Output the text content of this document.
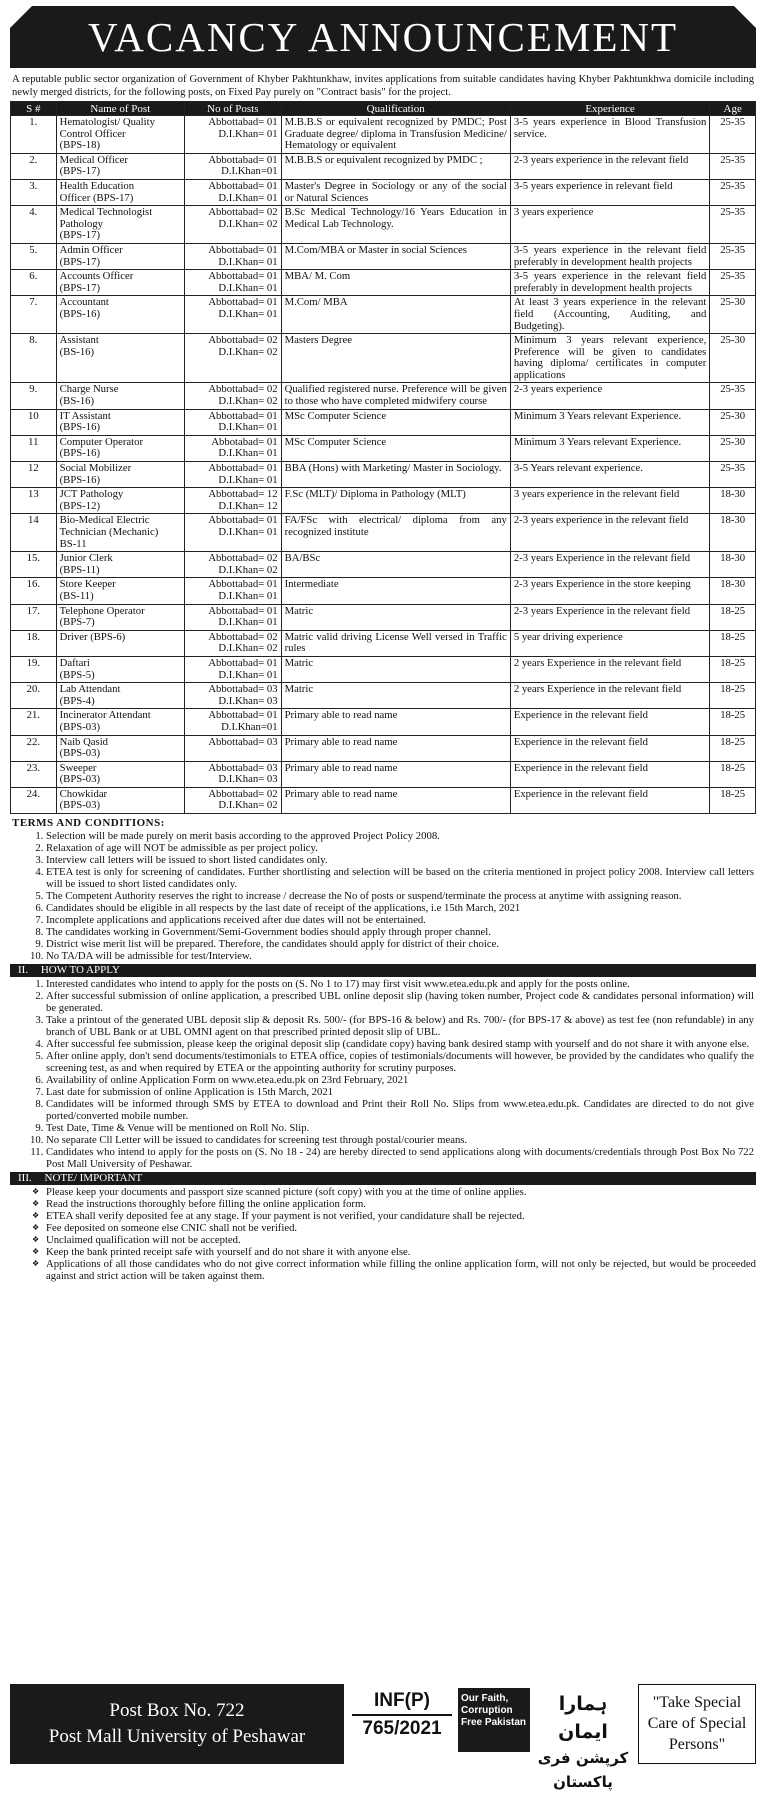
VACANCY ANNOUNCEMENT
A reputable public sector organization of Government of Khyber Pakhtunkhaw, invites applications from suitable candidates having Khyber Pakhtunkhwa domicile including newly merged districts, for the following posts, on Fixed Pay purely on "Contract basis" for the project.
S #	Name of Post	No of Posts	Qualification	Experience	Age
1.	Hematologist/ Quality
Control Officer
(BPS-18)	Abbottabad= 01
D.I.Khan= 01	M.B.B.S or equivalent recognized by PMDC; Post Graduate degree/ diploma in Transfusion Medicine/ Hematology or equivalent	3-5 years experience in Blood Transfusion service.	25-35
2.	Medical Officer
(BPS-17)	Abbottabad= 01
D.I.Khan=01	M.B.B.S or equivalent recognized by PMDC ;	2-3 years experience in the relevant field	25-35
3.	Health Education
Officer (BPS-17)	Abbottabad= 01
D.I.Khan= 01	Master's Degree in Sociology or any of the social or Natural Sciences	3-5 years experience in relevant field	25-35
4.	Medical Technologist
Pathology
(BPS-17)	Abbottabad= 02
D.I.Khan= 02	B.Sc Medical Technology/16 Years Education in Medical Lab Technology.	3 years experience	25-35
5.	Admin Officer
(BPS-17)	Abbottabad= 01
D.I.Khan= 01	M.Com/MBA or Master in social Sciences	3-5 years experience in the relevant field preferably in development health projects	25-35
6.	Accounts Officer
(BPS-17)	Abbottabad= 01
D.I.Khan= 01	MBA/ M. Com	3-5 years experience in the relevant field preferably in development health projects	25-35
7.	Accountant
(BPS-16)	Abbottabad= 01
D.I.Khan= 01	M.Com/ MBA	At least 3 years experience in the relevant field (Accounting, Auditing, and Budgeting).	25-30
8.	Assistant
(BS-16)	Abbottabad= 02
D.I.Khan= 02	Masters Degree	Minimum 3 years relevant experience, Preference will be given to candidates having diploma/ certificates in computer applications	25-30
9.	Charge Nurse
(BS-16)	Abbottabad= 02
D.I.Khan= 02	Qualified registered nurse. Preference will be given to those who have completed midwifery course	2-3 years experience	25-35
10	IT Assistant
(BPS-16)	Abbottabad= 01
D.I.Khan= 01	MSc Computer Science	Minimum 3 Years relevant Experience.	25-30
11	Computer Operator
(BPS-16)	Abbotabad= 01
D.I.Khan= 01	MSc Computer Science	Minimum 3 Years relevant Experience.	25-30
12	Social Mobilizer
(BPS-16)	Abbottabad= 01
D.I.Khan= 01	BBA (Hons) with Marketing/ Master in Sociology.	3-5 Years relevant experience.	25-35
13	JCT Pathology
(BPS-12)	Abbottabad= 12
D.I.Khan= 12	F.Sc (MLT)/ Diploma in Pathology (MLT)	3 years experience in the relevant field	18-30
14	Bio-Medical Electric
Technician (Mechanic)
BS-11	Abbottabad= 01
D.I.Khan= 01	FA/FSc with electrical/ diploma from any recognized institute	2-3 years experience in the relevant field	18-30
15.	Junior Clerk
(BPS-11)	Abbottabad= 02
D.I.Khan= 02	BA/BSc	2-3 years Experience in the relevant field	18-30
16.	Store Keeper
(BS-11)	Abbottabad= 01
D.I.Khan= 01	Intermediate	2-3 years Experience in the store keeping	18-30
17.	Telephone Operator
(BPS-7)	Abbottabad= 01
D.I.Khan= 01	Matric	2-3 years Experience in the relevant field	18-25
18.	Driver (BPS-6)	Abbottabad= 02
D.I.Khan= 02	Matric valid driving License Well versed in Traffic rules	5 year driving experience	18-25
19.	Daftari
(BPS-5)	Abbottabad= 01
D.I.Khan= 01	Matric	2 years Experience in the relevant field	18-25
20.	Lab Attendant
(BPS-4)	Abbottabad= 03
D.I.Khan= 03	Matric	2 years Experience in the relevant field	18-25
21.	Incinerator Attendant
(BPS-03)	Abbottabad= 01
D.I.Khan=01	Primary able to read name	Experience in the relevant field	18-25
22.	Naib Qasid
(BPS-03)	Abbottabad= 03	Primary able to read name	Experience in the relevant field	18-25
23.	Sweeper
(BPS-03)	Abbottabad= 03
D.I.Khan= 03	Primary able to read name	Experience in the relevant field	18-25
24.	Chowkidar
(BPS-03)	Abbottabad= 02
D.I.Khan= 02	Primary able to read name	Experience in the relevant field	18-25
TERMS AND CONDITIONS:
1. Selection will be made purely on merit basis according to the approved Project Policy 2008.
2. Relaxation of age will NOT be admissible as per project policy.
3. Interview call letters will be issued to short listed candidates only.
4. ETEA test is only for screening of candidates. Further shortlisting and selection will be based on the criteria mentioned in project policy 2008. Interview call letters will be issued to short listed candidates only.
5. The Competent Authority reserves the right to increase / decrease the No of posts or suspend/terminate the process at anytime with assigning reason.
6. Candidates should be eligible in all respects by the last date of receipt of the applications, i.e 15th March, 2021
7. Incomplete applications and applications received after due dates will not be entertained.
8. The candidates working in Government/Semi-Government bodies should apply through proper channel.
9. District wise merit list will be prepared. Therefore, the candidates should apply for district of their choice.
10. No TA/DA will be admissible for test/Interview.
II. HOW TO APPLY
1. Interested candidates who intend to apply for the posts on (S. No 1 to 17) may first visit www.etea.edu.pk and apply for the posts online.
2. After successful submission of online application, a prescribed UBL online deposit slip (having token number, Project code & candidates personal information) will be generated.
3. Take a printout of the generated UBL deposit slip & deposit Rs. 500/- (for BPS-16 & below) and Rs. 700/- (for BPS-17 & above) as test fee (non refundable) in any branch of UBL Bank or at UBL OMNI agent on that prescribed printed deposit slip of UBL.
4. After successful fee submission, please keep the original deposit slip (candidate copy) having bank desired stamp with yourself and do not share it with anyone else.
5. After online apply, don't send documents/testimonials to ETEA office, copies of testimonials/documents will however, be provided by the candidates who qualify the screening test, as and when required by ETEA or the appointing authority for scrutiny purposes.
6. Availability of online Application Form on www.etea.edu.pk on 23rd February, 2021
7. Last date for submission of online Application is 15th March, 2021
8. Candidates will be informed through SMS by ETEA to download and Print their Roll No. Slips from www.etea.edu.pk. Candidates are directed to do not give ported/converted mobile number.
9. Test Date, Time & Venue will be mentioned on Roll No. Slip.
10. No separate Cll Letter will be issued to candidates for screening test through postal/courier means.
11. Candidates who intend to apply for the posts on (S. No 18 - 24) are hereby directed to send applications along with documents/credentials through Post Box No 722 Post Mall University of Peshawar.
III. NOTE/ IMPORTANT
❖ Please keep your documents and passport size scanned picture (soft copy) with you at the time of online applies.
❖ Read the instructions thoroughly before filling the online application form.
❖ ETEA shall verify deposited fee at any stage. If your payment is not verified, your candidature shall be rejected.
❖ Fee deposited on someone else CNIC shall not be verified.
❖ Unclaimed qualification will not be accepted.
❖ Keep the bank printed receipt safe with yourself and do not share it with anyone else.
❖ Applications of all those candidates who do not give correct information while filling the online application form, will not only be rejected, but would be proceeded against and strict action will be taken against them.
Post Box No. 722
Post Mall University of Peshawar
INF(P)
765/2021
Our Faith,
Corruption
Free Pakistan
ہمارا ایمان
کرپشن فری پاکستان
"Take Special
Care of Special
Persons"
